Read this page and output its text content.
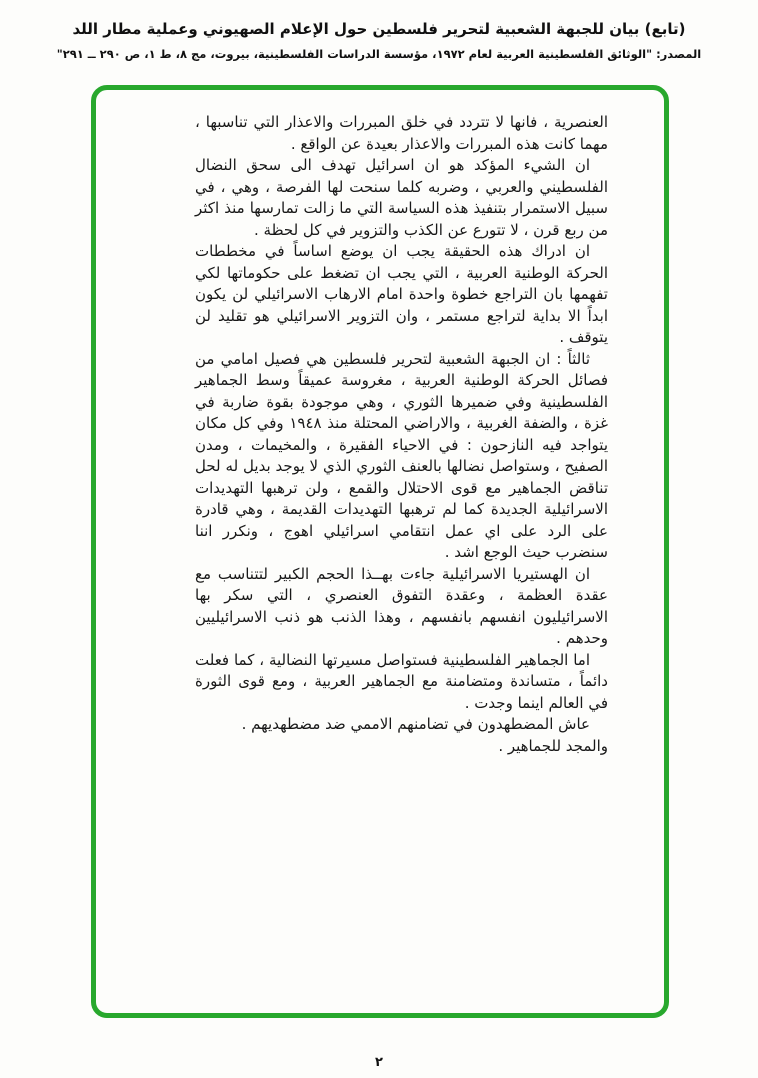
(تابع) بيان للجبهة الشعبية لتحرير فلسطين حول الإعلام الصهيوني وعملية مطار اللد
المصدر: "الوثائق الفلسطينية العربية لعام ١٩٧٢، مؤسسة الدراسات الفلسطينية، بيروت، مج ٨، ط ١، ص ٢٩٠ ــ ٢٩١"

العنصرية ، فانها لا تتردد في خلق المبررات والاعذار التي تناسبها ، مهما كانت هذه المبررات والاعذار بعيدة عن الواقع .

ان الشيء المؤكد هو ان اسرائيل تهدف الى سحق النضال الفلسطيني والعربي ، وضربه كلما سنحت لها الفرصة ، وهي ، في سبيل الاستمرار بتنفيذ هذه السياسة التي ما زالت تمارسها منذ اكثر من ربع قرن ، لا تتورع عن الكذب والتزوير في كل لحظة .

ان ادراك هذه الحقيقة يجب ان يوضع اساساً في مخططات الحركة الوطنية العربية ، التي يجب ان تضغط على حكوماتها لكي تفهمها بان التراجع خطوة واحدة امام الارهاب الاسرائيلي لن يكون ابداً الا بداية لتراجع مستمر ، وان التزوير الاسرائيلي هو تقليد لن يتوقف .

ثالثاً : ان الجبهة الشعبية لتحرير فلسطين هي فصيل امامي من فصائل الحركة الوطنية العربية ، مغروسة عميقاً وسط الجماهير الفلسطينية وفي ضميرها الثوري ، وهي موجودة بقوة ضاربة في غزة ، والضفة الغربية ، والاراضي المحتلة منذ ١٩٤٨ وفي كل مكان يتواجد فيه النازحون : في الاحياء الفقيرة ، والمخيمات ، ومدن الصفيح ، وستواصل نضالها بالعنف الثوري الذي لا يوجد بديل له لحل تناقض الجماهير مع قوى الاحتلال والقمع ، ولن ترهبها التهديدات الاسرائيلية الجديدة كما لم ترهبها التهديدات القديمة ، وهي قادرة على الرد على اي عمل انتقامي اسرائيلي اهوج ، ونكرر اننا سنضرب حيث الوجع اشد .

ان الهستيريا الاسرائيلية جاءت بهــذا الحجم الكبير لتتناسب مع عقدة العظمة ، وعقدة التفوق العنصري ، التي سكر بها الاسرائيليون انفسهم بانفسهم ، وهذا الذنب هو ذنب الاسرائيليين وحدهم .

اما الجماهير الفلسطينية فستواصل مسيرتها النضالية ، كما فعلت دائماً ، متساندة ومتضامنة مع الجماهير العربية ، ومع قوى الثورة في العالم اينما وجدت .

عاش المضطهدون في تضامنهم الاممي ضد مضطهديهم .

والمجد للجماهير .

٢
